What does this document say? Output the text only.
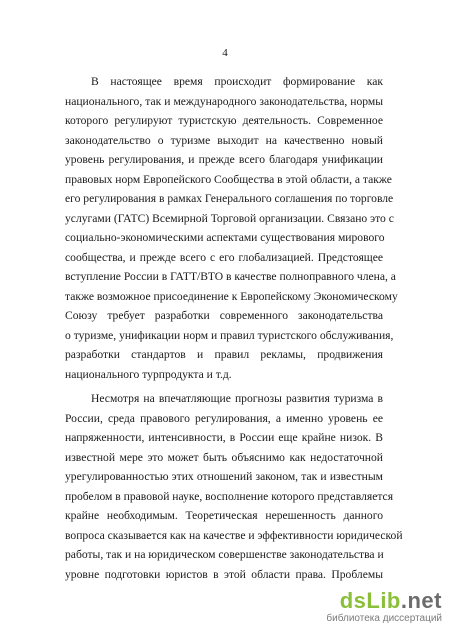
4
В настоящее время происходит формирование как
национального, так и международного законодательства, нормы
которого регулируют туристскую деятельность. Современное
законодательство о туризме выходит на качественно новый
уровень регулирования, и прежде всего благодаря унификации
правовых норм Европейского Сообщества в этой области, а также
его регулирования в рамках Генерального соглашения по торговле
услугами (ГАТС) Всемирной Торговой организации. Связано это с
социально-экономическими аспектами существования мирового
сообщества, и прежде всего с его глобализацией. Предстоящее
вступление России в ГАТТ/ВТО в качестве полноправного члена, а
также возможное присоединение к Европейскому Экономическому
Союзу требует разработки современного законодательства
о туризме, унификации норм и правил туристского обслуживания,
разработки стандартов и правил рекламы, продвижения
национального турпродукта и т.д.
Несмотря на впечатляющие прогнозы развития туризма в
России, среда правового регулирования, а именно уровень ее
напряженности, интенсивности, в России еще крайне низок. В
известной мере это может быть объяснимо как недостаточной
урегулированностью этих отношений законом, так и известным
пробелом в правовой науке, восполнение которого представляется
крайне необходимым. Теоретическая нерешенность данного
вопроса сказывается как на качестве и эффективности юридической
работы, так и на юридическом совершенстве законодательства и
уровне подготовки юристов в этой области права. Проблемы
dsLib.net
библиотека диссертаций
